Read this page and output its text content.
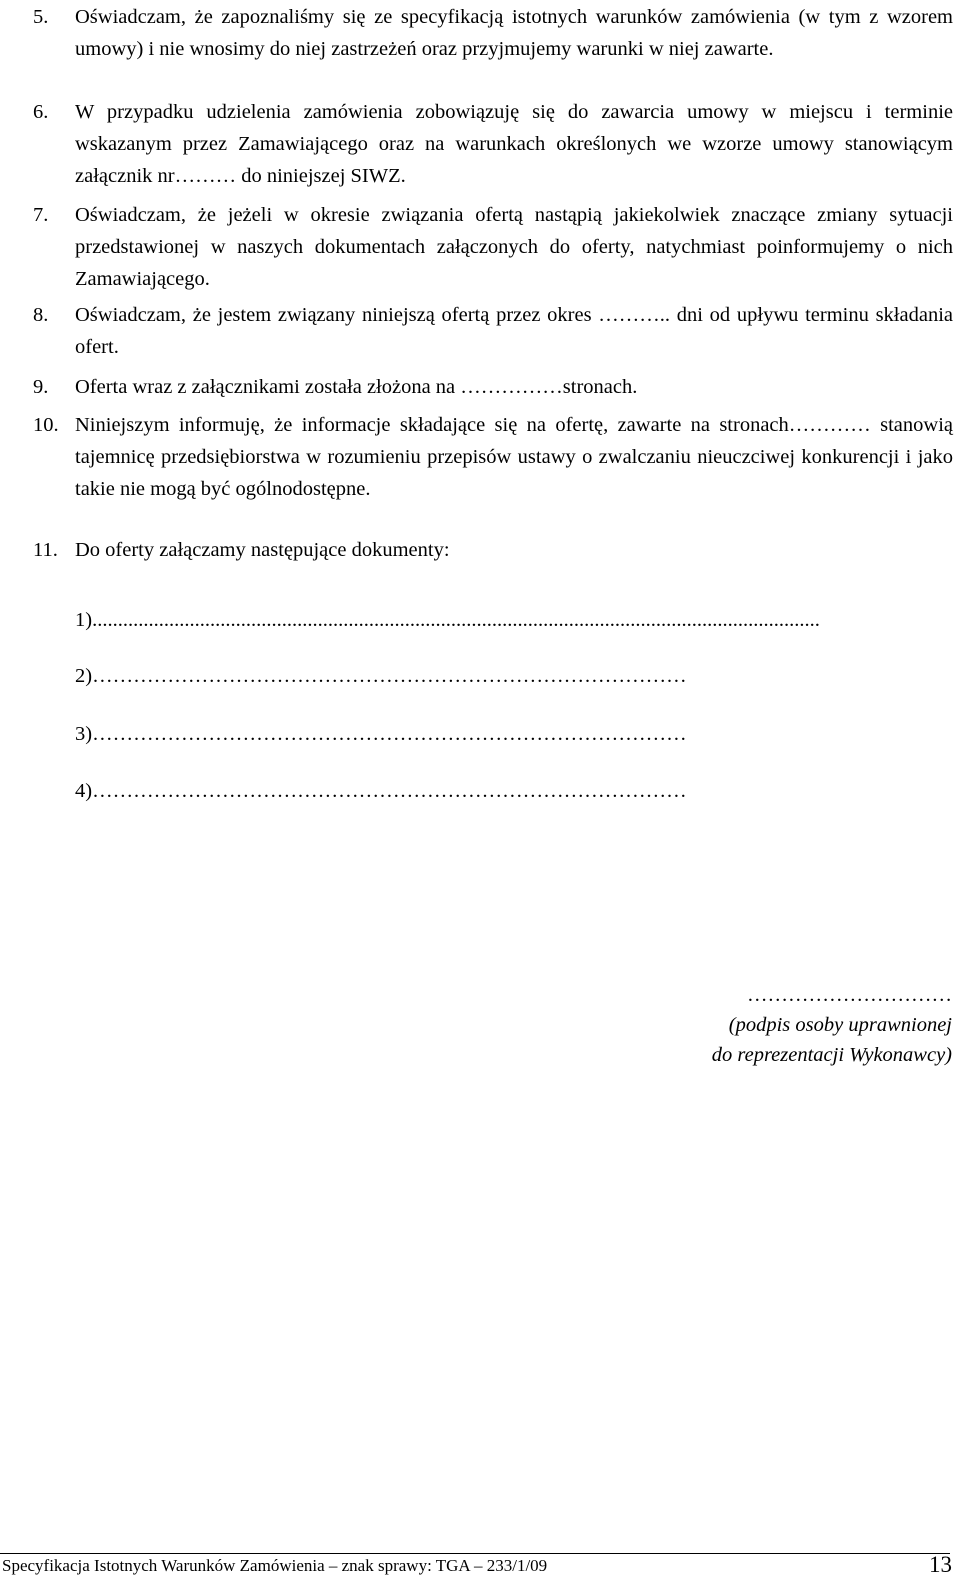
5. Oświadczam, że zapoznaliśmy się ze specyfikacją istotnych warunków zamówienia (w tym z wzorem umowy) i nie wnosimy do niej zastrzeżeń oraz przyjmujemy warunki w niej zawarte.
6. W przypadku udzielenia zamówienia zobowiązuję się do zawarcia umowy w miejscu i terminie wskazanym przez Zamawiającego oraz na warunkach określonych we wzorze umowy stanowiącym załącznik nr……… do niniejszej SIWZ.
7. Oświadczam, że jeżeli w okresie związania ofertą nastąpią jakiekolwiek znaczące zmiany sytuacji przedstawionej w naszych dokumentach załączonych do oferty, natychmiast poinformujemy o nich Zamawiającego.
8. Oświadczam, że jestem związany niniejszą ofertą przez okres ……….. dni od upływu terminu składania ofert.
9. Oferta wraz z załącznikami została złożona na ……………stronach.
10. Niniejszym informuję, że informacje składające się na ofertę, zawarte na stronach………… stanowią tajemnicę przedsiębiorstwa w rozumieniu przepisów ustawy o zwalczaniu nieuczciwej konkurencji i jako takie nie mogą być ogólnodostępne.
11. Do oferty załączamy następujące dokumenty:
1)..............................................................................................................................................
2)……………………………………………………………………………
3)……………………………………………………………………………
4)……………………………………………………………………………
…………………………
(podpis osoby uprawnionej
do reprezentacji Wykonawcy)
Specyfikacja Istotnych Warunków Zamówienia – znak sprawy: TGA – 233/1/09	13
